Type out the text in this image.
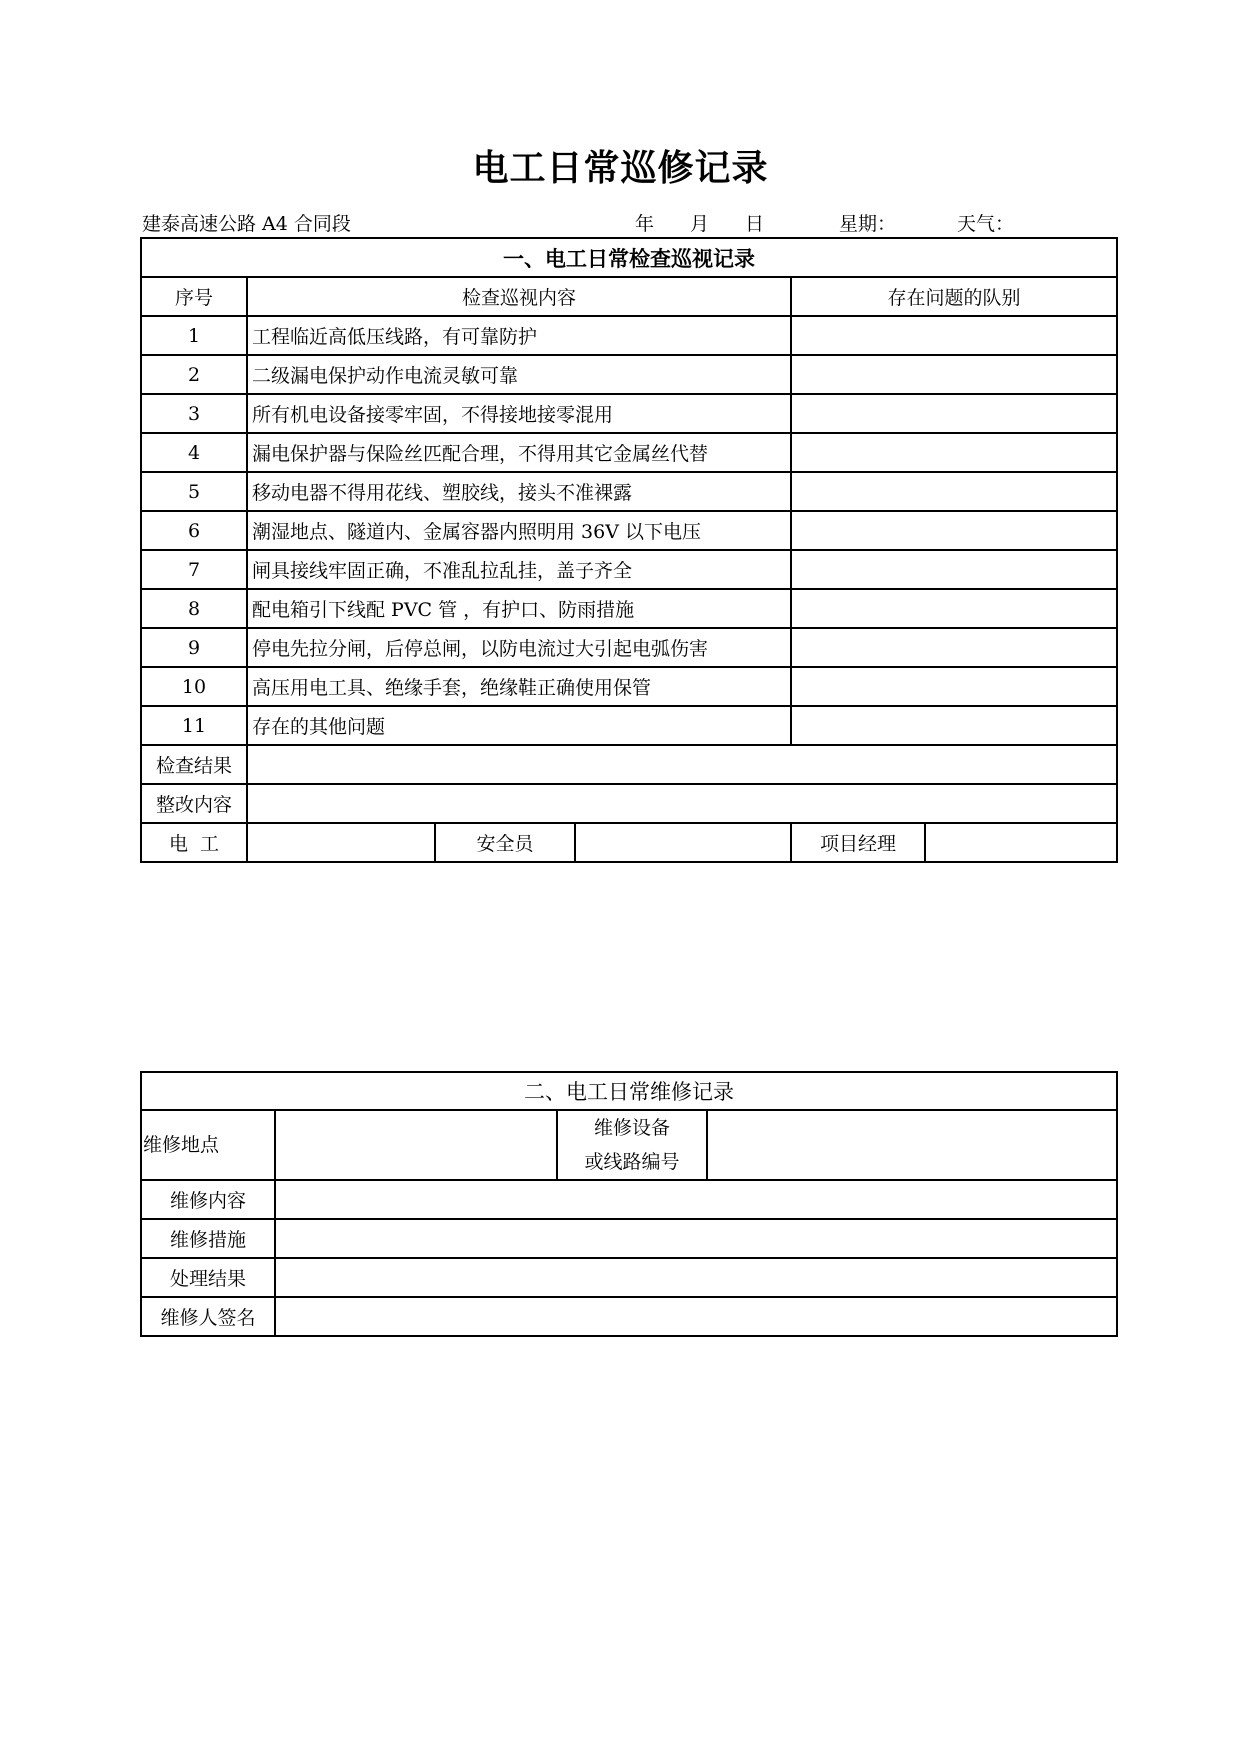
电工日常巡修记录
建泰高速公路 A4 合同段	年 月 日	星期：	天气：
一、电工日常检查巡视记录					
序号	检查巡视内容			存在问题的队别	
1	工程临近高低压线路，有可靠防护				
2	二级漏电保护动作电流灵敏可靠				
3	所有机电设备接零牢固，不得接地接零混用				
4	漏电保护器与保险丝匹配合理，不得用其它金属丝代替				
5	移动电器不得用花线、塑胶线，接头不准裸露				
6	潮湿地点、隧道内、金属容器内照明用 36V 以下电压				
7	闸具接线牢固正确，不准乱拉乱挂，盖子齐全				
8	配电箱引下线配 PVC 管 ，有护口、防雨措施				
9	停电先拉分闸，后停总闸，以防电流过大引起电弧伤害				
10	高压用电工具、绝缘手套，绝缘鞋正确使用保管				
11	存在的其他问题				
检查结果					
整改内容					
电  工		安全员		项目经理	
二、电工日常维修记录			
维修地点		维修设备
或线路编号	

维修内容			
维修措施			
处理结果			
维修人签名			
